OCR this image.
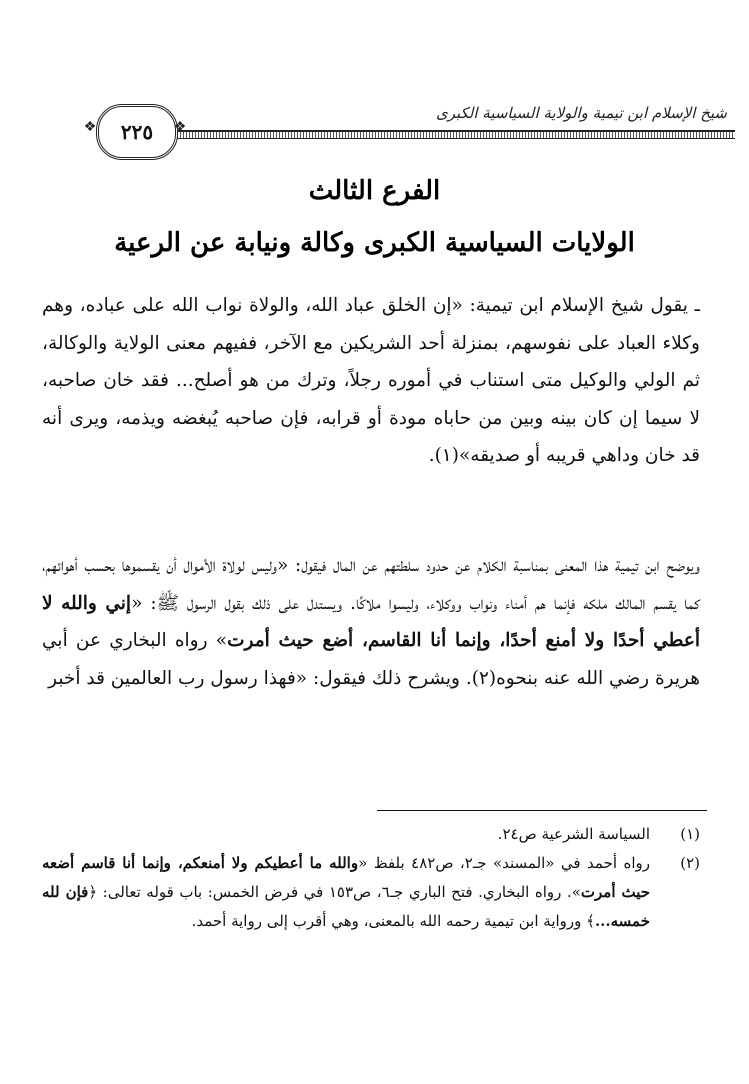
شيخ الإسلام ابن تيمية والولاية السياسية الكبرى
❖	٢٢٥	❖
الفرع الثالث
الولايات السياسية الكبرى وكالة ونيابة عن الرعية
ـ يقول شيخ الإسلام ابن تيمية: «إن الخلق عباد الله، والولاة نواب الله على عباده، وهم وكلاء العباد على نفوسهم، بمنزلة أحد الشريكين مع الآخر، ففيهم معنى الولاية والوكالة، ثم الولي والوكيل متى استناب في أموره رجلاً، وترك من هو أصلح... فقد خان صاحبه، لا سيما إن كان بينه وبين من حاباه مودة أو قرابه، فإن صاحبه يُبغضه ويذمه، ويرى أنه قد خان وداهي قريبه أو صديقه»(١).
ويوضح ابن تيمية هذا المعنى بمناسبة الكلام عن حدود سلطتهم عن المال فيقول: «وليس لولاة الأموال أن يقسموها بحسب أهوائهم، كما يقسم المالك ملكه فإنما هم أمناء ونواب ووكلاء، وليسوا ملاكًا. ويستدل على ذلك بقول الرسول ﷺ: «إني والله لا أعطي أحدًا ولا أمنع أحدًا، وإنما أنا القاسم، أضع حيث أمرت» رواه البخاري عن أبي هريرة رضي الله عنه بنحوه(٢). ويشرح ذلك فيقول: «فهذا رسول رب العالمين قد أخبر
(١)
السياسة الشرعية ص٢٤.
(٢)
رواه أحمد في «المسند» جـ٢، ص٤٨٢ بلفظ «والله ما أعطيكم ولا أمنعكم، وإنما أنا قاسم أضعه حيث أمرت». رواه البخاري. فتح الباري جـ٦، ص١٥٣ في فرض الخمس: باب قوله تعالى: ﴿فإن لله خمسه...﴾ ورواية ابن تيمية رحمه الله بالمعنى، وهي أقرب إلى رواية أحمد.
